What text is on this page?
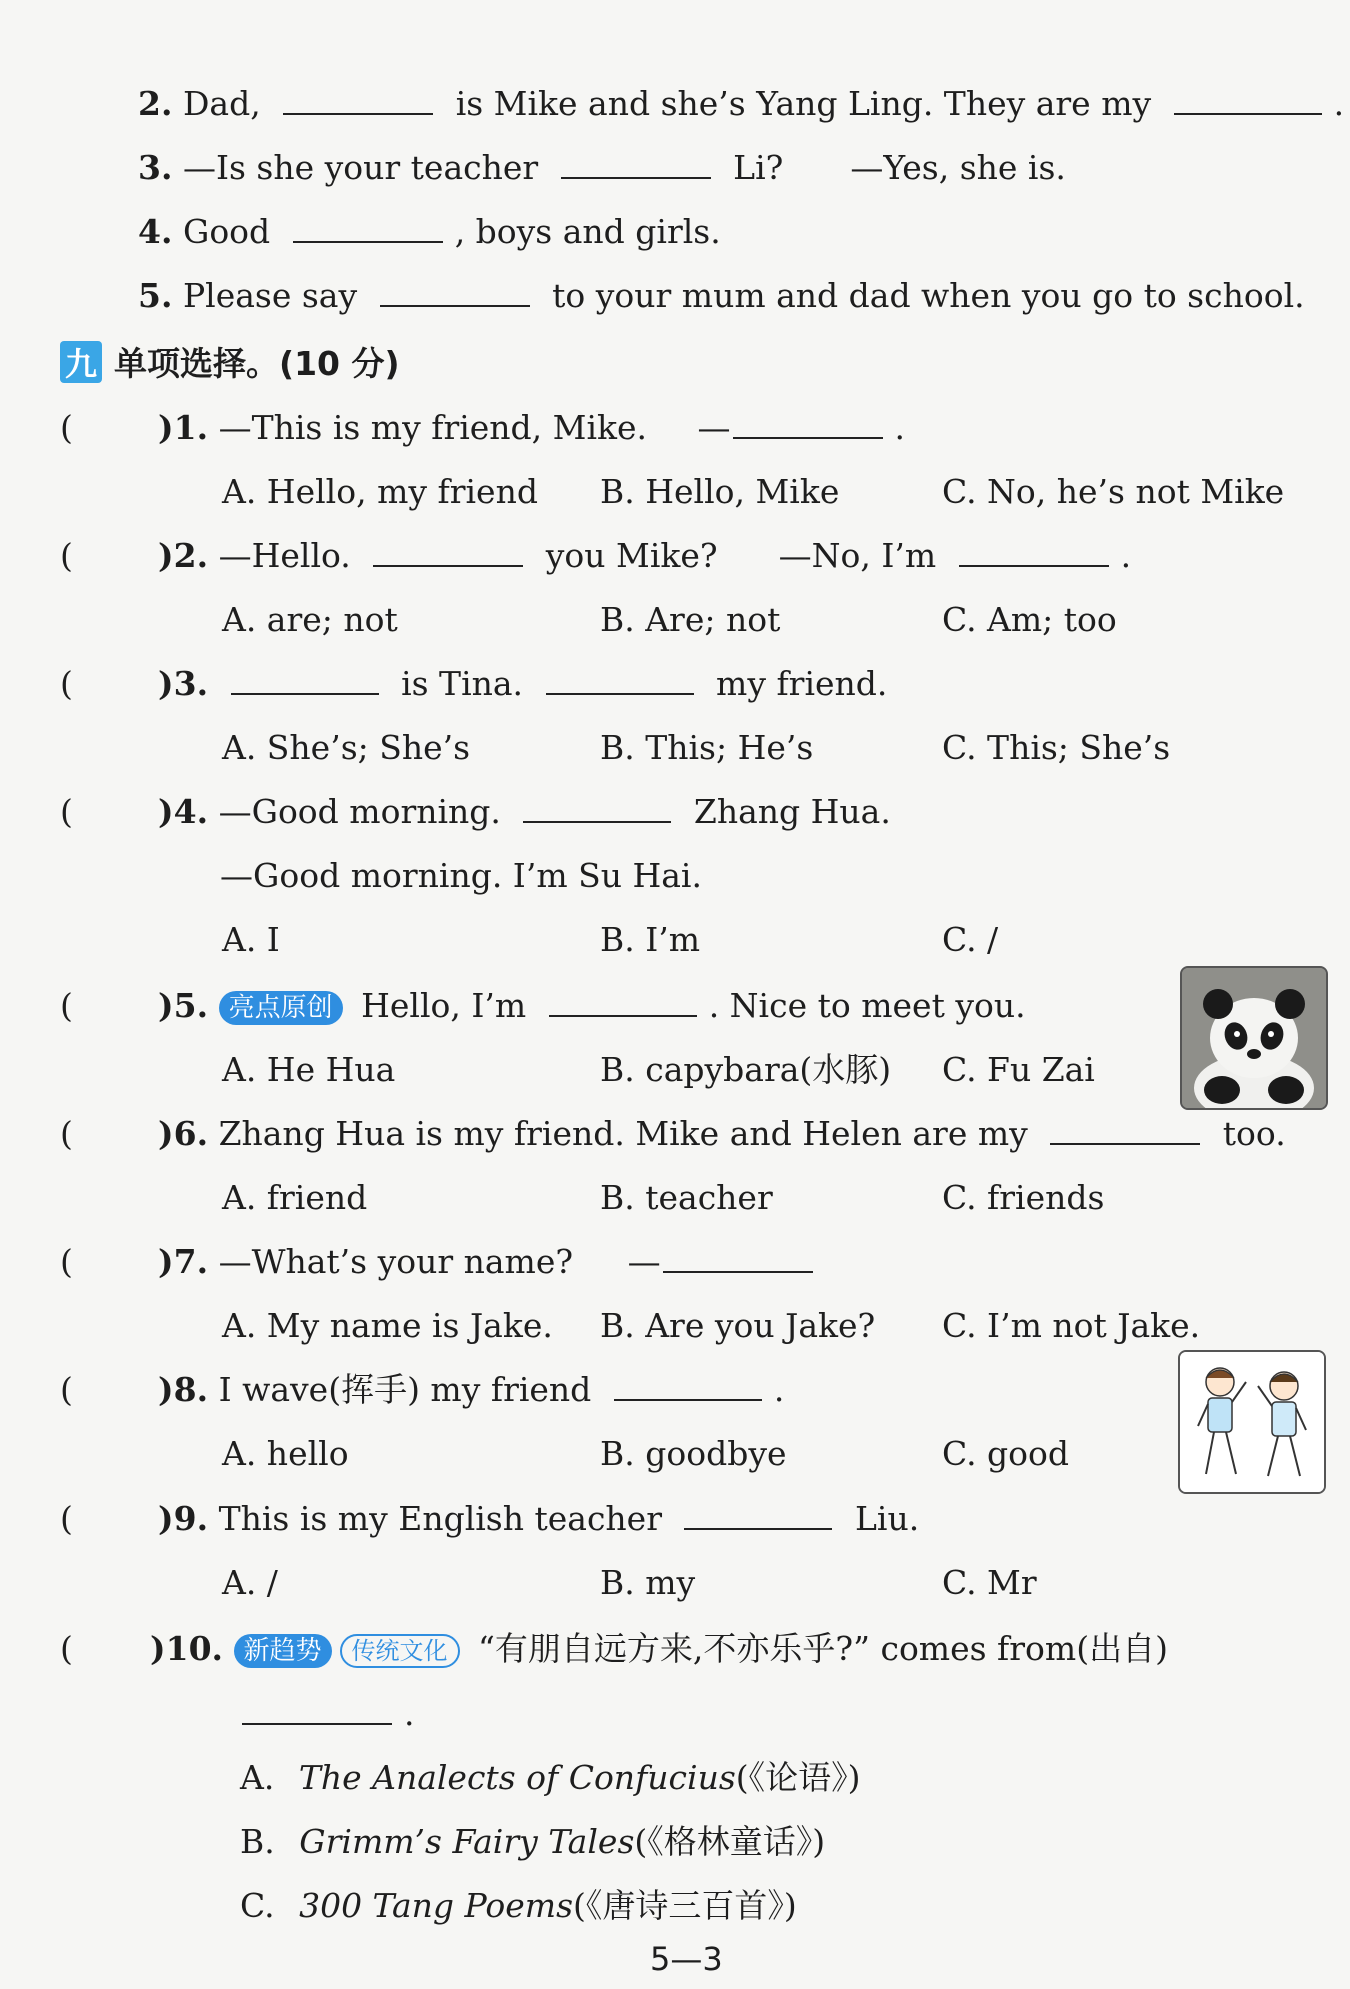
2. Dad,	is Mike and she’s Yang Ling. They are my	.
3. —Is she your teacher	Li? —Yes, she is.
4. Good	, boys and girls.
5. Please say	to your mum and dad when you go to school.
九 单项选择。(10 分)
(	)1. —This is my friend, Mike. —	.
A. Hello, my friend B. Hello, Mike	C. No, he’s not Mike
(	)2. —Hello.	you Mike? —No, I’m	.
A. are; not	B. Are; not	C. Am; too
(	)3.	is Tina.	my friend.
A. She’s; She’s	B. This; He’s	C. This; She’s
(	)4. —Good morning.	Zhang Hua.
—Good morning. I’m Su Hai.
A. I	B. I’m	C. /
(	)5. 亮点原创 Hello, I’m	. Nice to meet you.
A. He Hua	B. capybara(水豚) C. Fu Zai
(	)6. Zhang Hua is my friend. Mike and Helen are my	too.
A. friend	B. teacher	C. friends
(	)7. —What’s your name? —
A. My name is Jake. B. Are you Jake? C. I’m not Jake.
(	)8. I wave(挥手) my friend	.
A. hello	B. goodbye	C. good
(	)9. This is my English teacher	Liu.
A. /	B. my	C. Mr
( )10. 新趋势 传统文化 “有朋自远方来,不亦乐乎?” comes from(出自)
.
A. The Analects of Confucius(《论语》)
B. Grimm’s Fairy Tales(《格林童话》)
C. 300 Tang Poems(《唐诗三百首》)
5—3
